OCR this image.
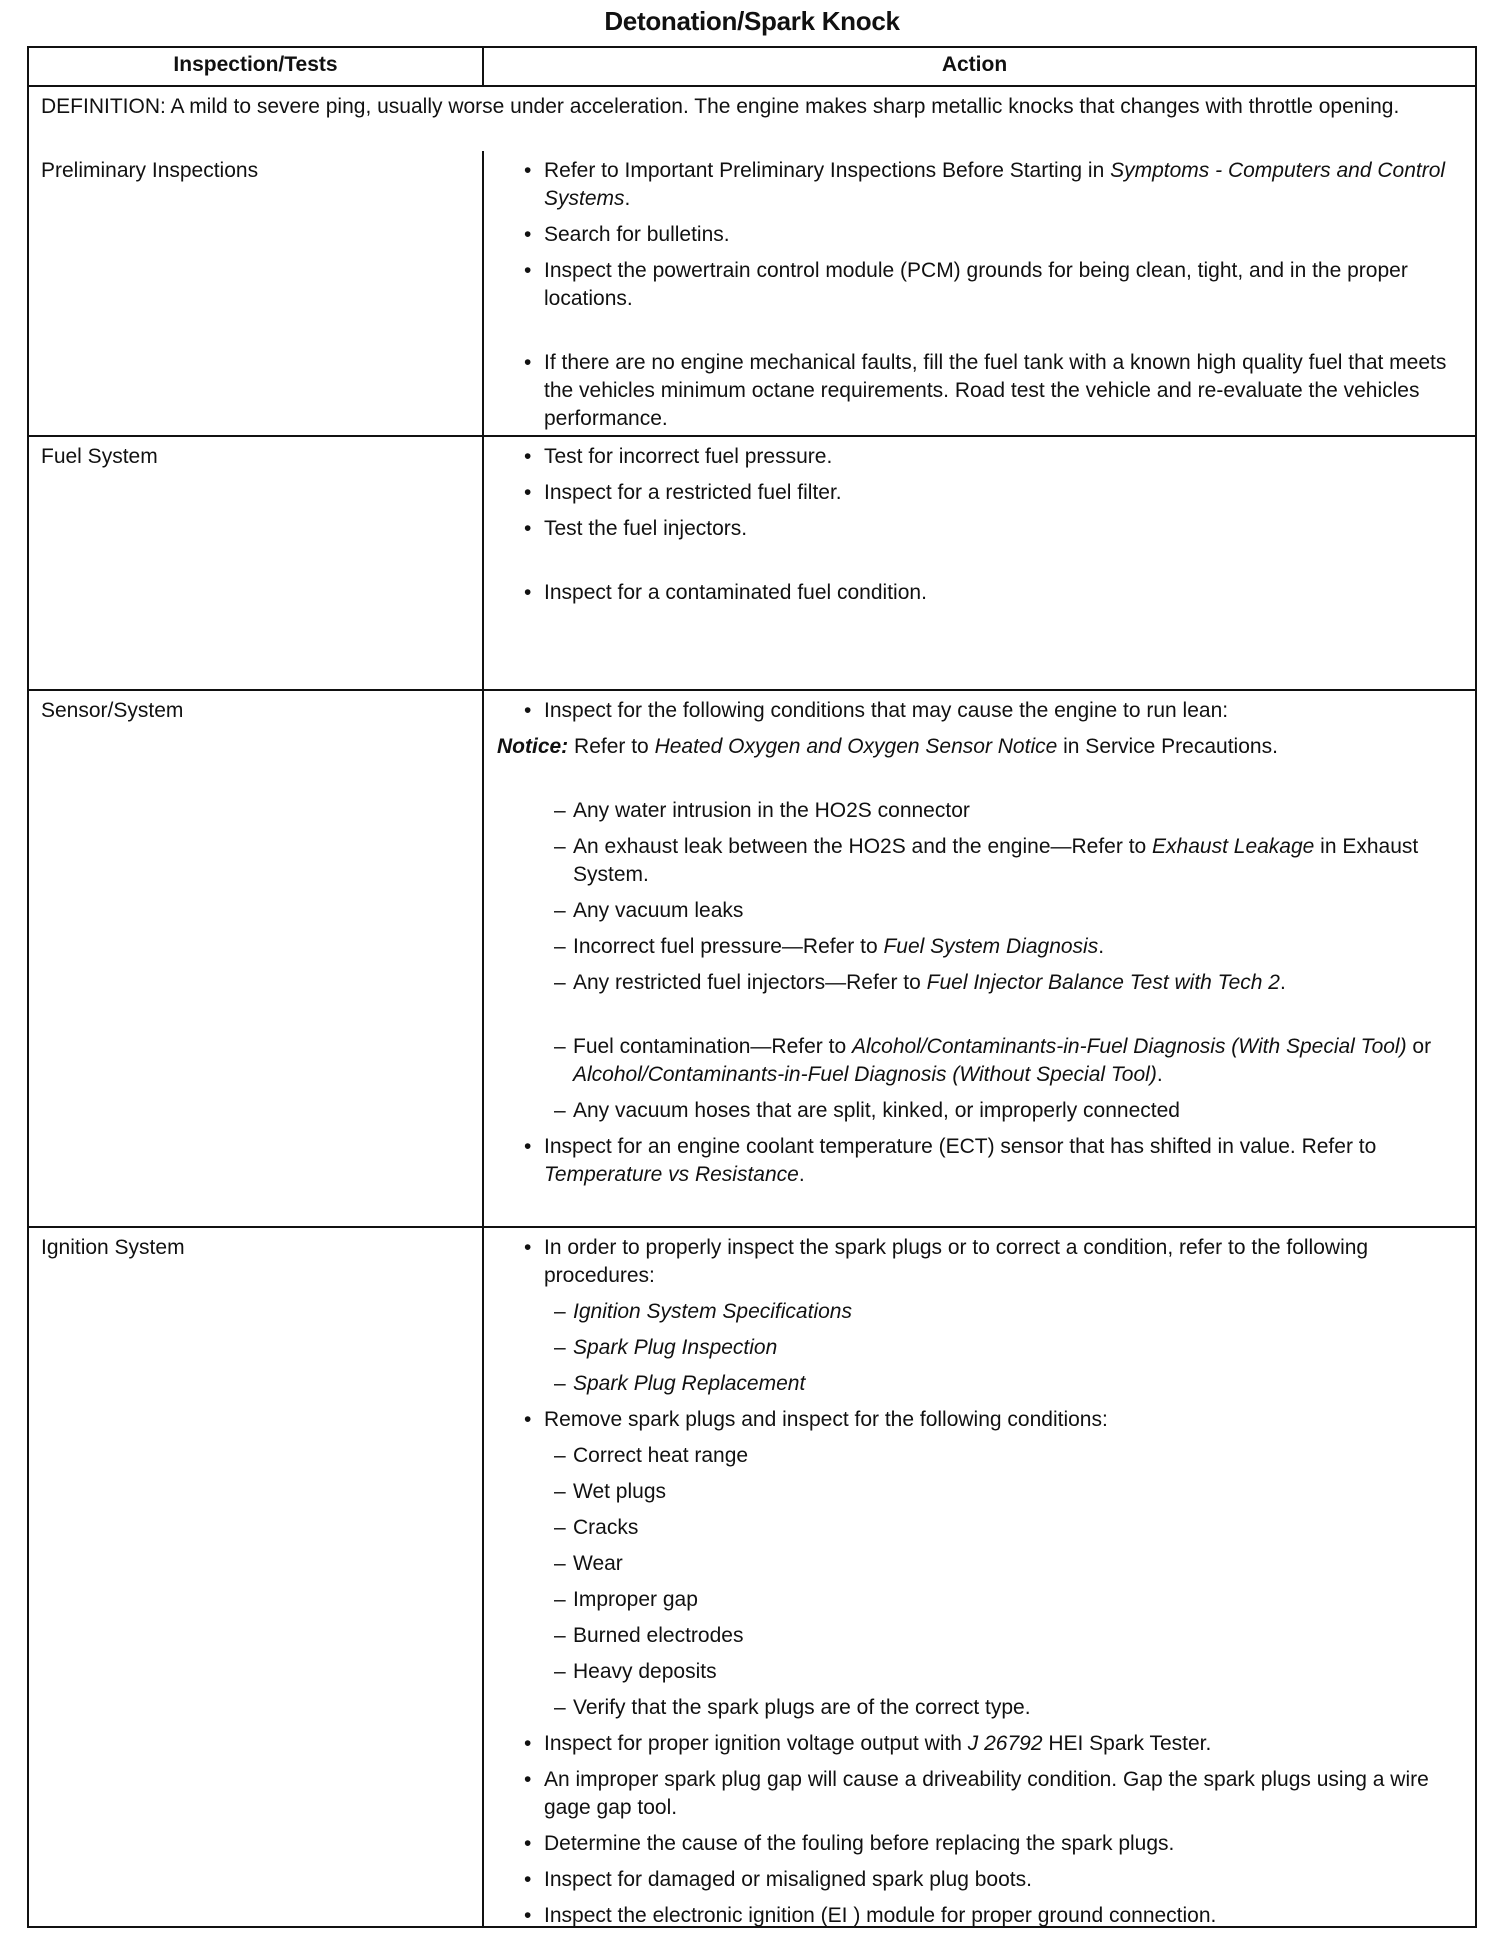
Detonation/Spark Knock
Inspection/Tests	Action
DEFINITION: A mild to severe ping, usually worse under acceleration. The engine makes sharp metallic knocks that changes with throttle opening.
Preliminary Inspections	• Refer to Important Preliminary Inspections Before Starting in Symptoms - Computers and Control Systems.
• Search for bulletins.
• Inspect the powertrain control module (PCM) grounds for being clean, tight, and in the proper locations.
• If there are no engine mechanical faults, fill the fuel tank with a known high quality fuel that meets the vehicles minimum octane requirements. Road test the vehicle and re-evaluate the vehicles performance.
Fuel System	• Test for incorrect fuel pressure.
• Inspect for a restricted fuel filter.
• Test the fuel injectors.
• Inspect for a contaminated fuel condition.
Sensor/System	• Inspect for the following conditions that may cause the engine to run lean:
Notice: Refer to Heated Oxygen and Oxygen Sensor Notice in Service Precautions.
– Any water intrusion in the HO2S connector
– An exhaust leak between the HO2S and the engine—Refer to Exhaust Leakage in Exhaust System.
– Any vacuum leaks
– Incorrect fuel pressure—Refer to Fuel System Diagnosis.
– Any restricted fuel injectors—Refer to Fuel Injector Balance Test with Tech 2.
– Fuel contamination—Refer to Alcohol/Contaminants-in-Fuel Diagnosis (With Special Tool) or Alcohol/Contaminants-in-Fuel Diagnosis (Without Special Tool).
– Any vacuum hoses that are split, kinked, or improperly connected
• Inspect for an engine coolant temperature (ECT) sensor that has shifted in value. Refer to Temperature vs Resistance.
Ignition System	• In order to properly inspect the spark plugs or to correct a condition, refer to the following procedures:
– Ignition System Specifications
– Spark Plug Inspection
– Spark Plug Replacement
• Remove spark plugs and inspect for the following conditions:
– Correct heat range
– Wet plugs
– Cracks
– Wear
– Improper gap
– Burned electrodes
– Heavy deposits
– Verify that the spark plugs are of the correct type.
• Inspect for proper ignition voltage output with J 26792 HEI Spark Tester.
• An improper spark plug gap will cause a driveability condition. Gap the spark plugs using a wire gage gap tool.
• Determine the cause of the fouling before replacing the spark plugs.
• Inspect for damaged or misaligned spark plug boots.
• Inspect the electronic ignition (EI ) module for proper ground connection.
